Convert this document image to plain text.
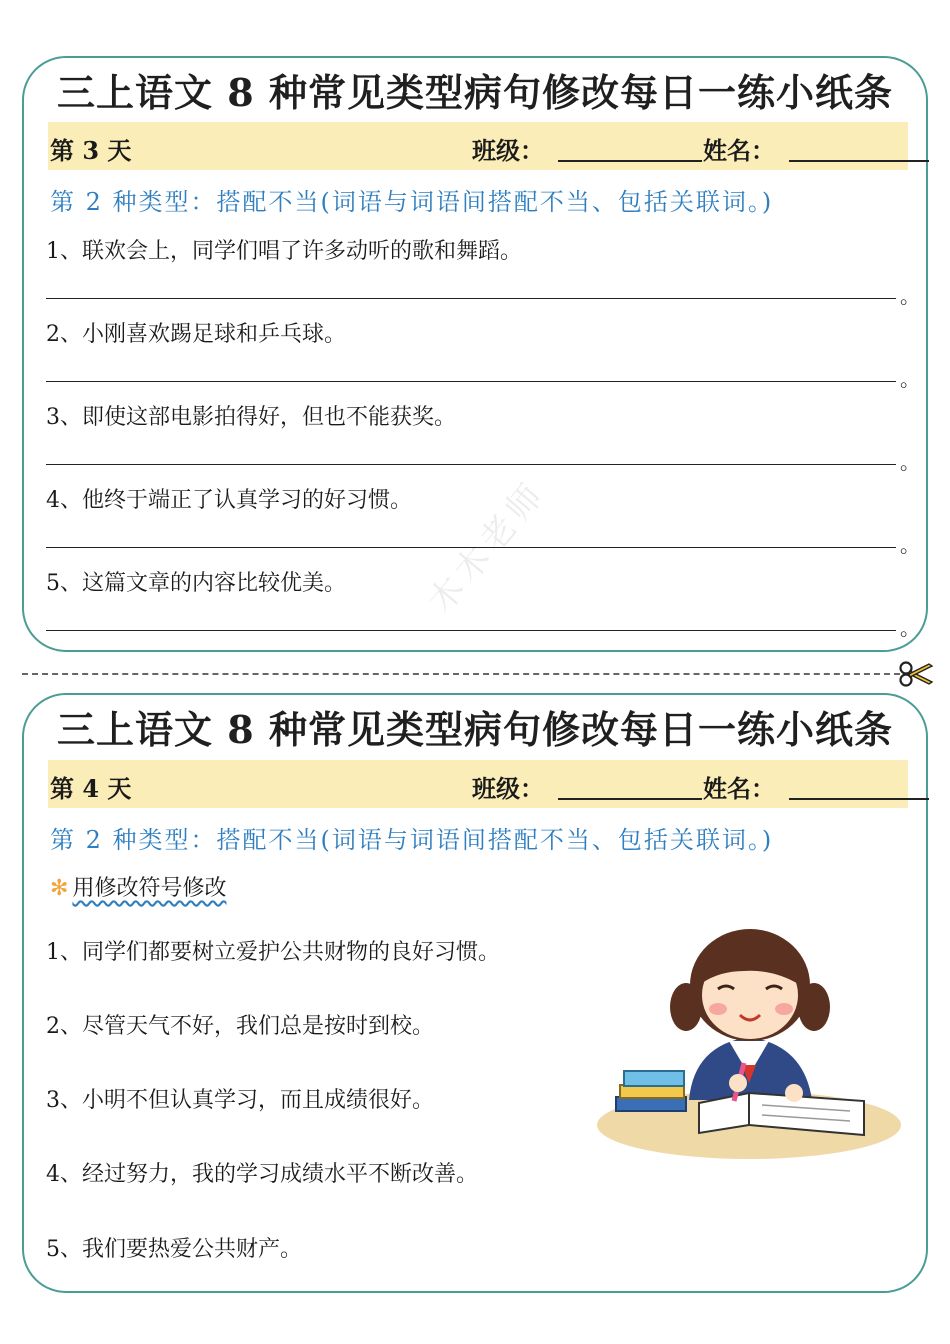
三上语文 8 种常见类型病句修改每日一练小纸条
第 3 天	班级：	姓名：
第 2 种类型：搭配不当(词语与词语间搭配不当、包括关联词。)
1、联欢会上，同学们唱了许多动听的歌和舞蹈。
。
2、小刚喜欢踢足球和乒乓球。
。
3、即使这部电影拍得好，但也不能获奖。
。
4、他终于端正了认真学习的好习惯。
。
5、这篇文章的内容比较优美。
。
木木老师
三上语文 8 种常见类型病句修改每日一练小纸条
第 4 天	班级：	姓名：
第 2 种类型：搭配不当(词语与词语间搭配不当、包括关联词。)
✻ 用修改符号修改
1、同学们都要树立爱护公共财物的良好习惯。
2、尽管天气不好，我们总是按时到校。
3、小明不但认真学习，而且成绩很好。
4、经过努力，我的学习成绩水平不断改善。
5、我们要热爱公共财产。
